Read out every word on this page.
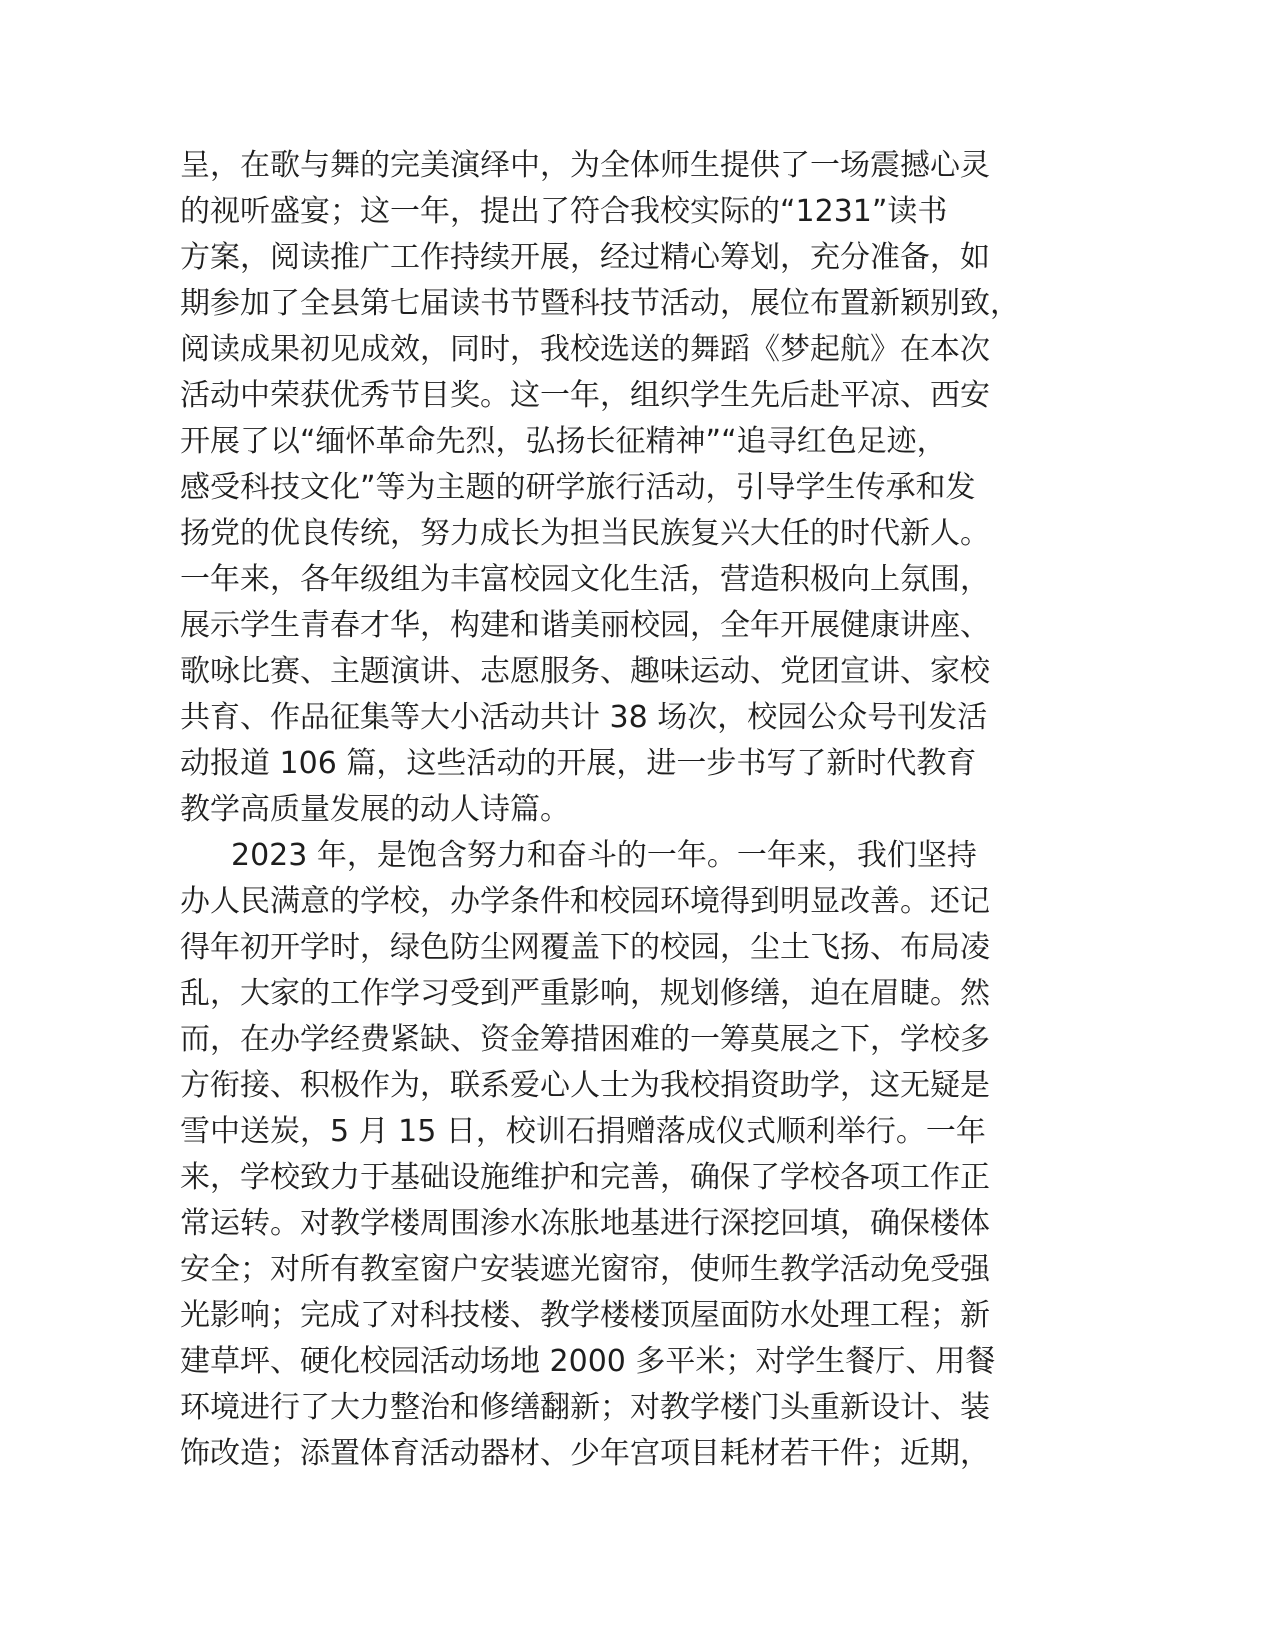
呈，在歌与舞的完美演绎中，为全体师生提供了一场震撼心灵
的视听盛宴；这一年，提出了符合我校实际的“1231”读书
方案，阅读推广工作持续开展，经过精心筹划，充分准备，如
期参加了全县第七届读书节暨科技节活动，展位布置新颖别致，
阅读成果初见成效，同时，我校选送的舞蹈《梦起航》在本次
活动中荣获优秀节目奖。这一年，组织学生先后赴平凉、西安
开展了以“缅怀革命先烈，弘扬长征精神”“追寻红色足迹，
感受科技文化”等为主题的研学旅行活动，引导学生传承和发
扬党的优良传统，努力成长为担当民族复兴大任的时代新人。
一年来，各年级组为丰富校园文化生活，营造积极向上氛围，
展示学生青春才华，构建和谐美丽校园，全年开展健康讲座、
歌咏比赛、主题演讲、志愿服务、趣味运动、党团宣讲、家校
共育、作品征集等大小活动共计 38 场次，校园公众号刊发活
动报道 106 篇，这些活动的开展，进一步书写了新时代教育
教学高质量发展的动人诗篇。
2023 年，是饱含努力和奋斗的一年。一年来，我们坚持
办人民满意的学校，办学条件和校园环境得到明显改善。还记
得年初开学时，绿色防尘网覆盖下的校园，尘土飞扬、布局凌
乱，大家的工作学习受到严重影响，规划修缮，迫在眉睫。然
而，在办学经费紧缺、资金筹措困难的一筹莫展之下，学校多
方衔接、积极作为，联系爱心人士为我校捐资助学，这无疑是
雪中送炭，5 月 15 日，校训石捐赠落成仪式顺利举行。一年
来，学校致力于基础设施维护和完善，确保了学校各项工作正
常运转。对教学楼周围渗水冻胀地基进行深挖回填，确保楼体
安全；对所有教室窗户安装遮光窗帘，使师生教学活动免受强
光影响；完成了对科技楼、教学楼楼顶屋面防水处理工程；新
建草坪、硬化校园活动场地 2000 多平米；对学生餐厅、用餐
环境进行了大力整治和修缮翻新；对教学楼门头重新设计、装
饰改造；添置体育活动器材、少年宫项目耗材若干件；近期，
